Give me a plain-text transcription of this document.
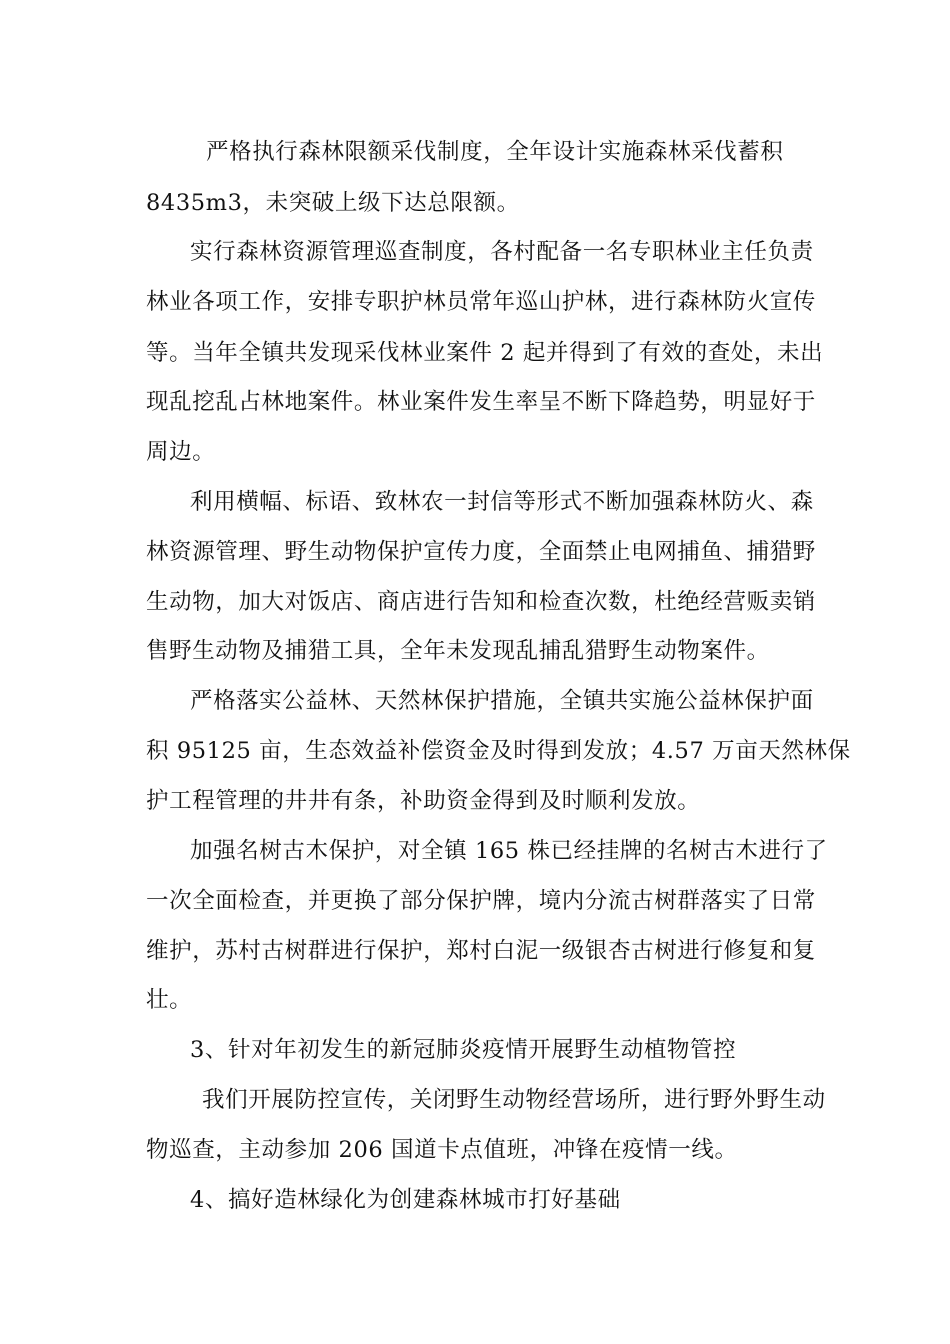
严格执行森林限额采伐制度，全年设计实施森林采伐蓄积
8435m3，未突破上级下达总限额。
实行森林资源管理巡查制度，各村配备一名专职林业主任负责
林业各项工作，安排专职护林员常年巡山护林，进行森林防火宣传
等。当年全镇共发现采伐林业案件 2 起并得到了有效的查处，未出
现乱挖乱占林地案件。林业案件发生率呈不断下降趋势，明显好于
周边。
利用横幅、标语、致林农一封信等形式不断加强森林防火、森
林资源管理、野生动物保护宣传力度，全面禁止电网捕鱼、捕猎野
生动物，加大对饭店、商店进行告知和检查次数，杜绝经营贩卖销
售野生动物及捕猎工具，全年未发现乱捕乱猎野生动物案件。
严格落实公益林、天然林保护措施，全镇共实施公益林保护面
积 95125 亩，生态效益补偿资金及时得到发放；4.57 万亩天然林保
护工程管理的井井有条，补助资金得到及时顺利发放。
加强名树古木保护，对全镇 165 株已经挂牌的名树古木进行了
一次全面检查，并更换了部分保护牌，境内分流古树群落实了日常
维护，苏村古树群进行保护，郑村白泥一级银杏古树进行修复和复
壮。
3、针对年初发生的新冠肺炎疫情开展野生动植物管控
我们开展防控宣传，关闭野生动物经营场所，进行野外野生动
物巡查，主动参加 206 国道卡点值班，冲锋在疫情一线。
4、搞好造林绿化为创建森林城市打好基础
